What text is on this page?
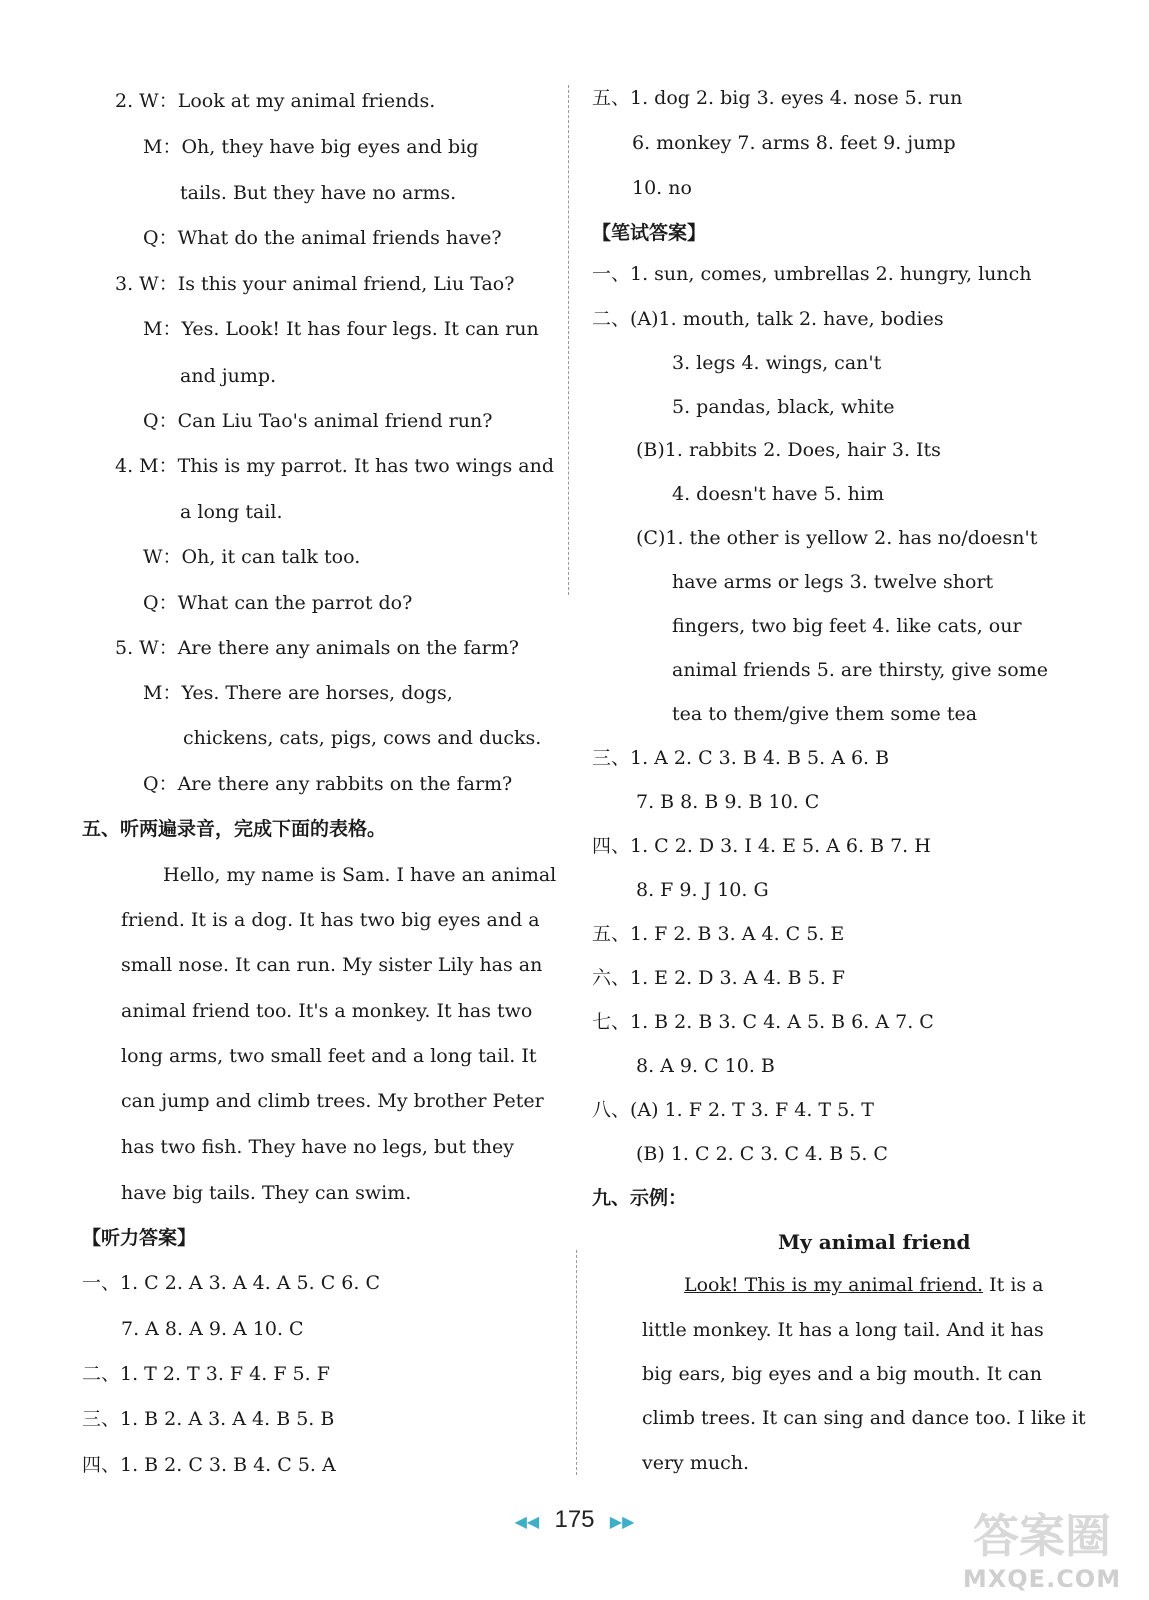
2. W：Look at my animal friends.
M：Oh, they have big eyes and big
tails. But they have no arms.
Q：What do the animal friends have?
3. W：Is this your animal friend, Liu Tao?
M：Yes. Look! It has four legs. It can run
and jump.
Q：Can Liu Tao's animal friend run?
4. M：This is my parrot. It has two wings and
a long tail.
W：Oh, it can talk too.
Q：What can the parrot do?
5. W：Are there any animals on the farm?
M：Yes. There are horses, dogs,
chickens, cats, pigs, cows and ducks.
Q：Are there any rabbits on the farm?
五、听两遍录音，完成下面的表格。
Hello, my name is Sam. I have an animal
friend. It is a dog. It has two big eyes and a
small nose. It can run. My sister Lily has an
animal friend too. It's a monkey. It has two
long arms, two small feet and a long tail. It
can jump and climb trees. My brother Peter
has two fish. They have no legs, but they
have big tails. They can swim.
【听力答案】
一、1. C 2. A 3. A 4. A 5. C 6. C
7. A 8. A 9. A 10. C
二、1. T 2. T 3. F 4. F 5. F
三、1. B 2. A 3. A 4. B 5. B
四、1. B 2. C 3. B 4. C 5. A
五、1. dog 2. big 3. eyes 4. nose 5. run
6. monkey 7. arms 8. feet 9. jump
10. no
【笔试答案】
一、1. sun, comes, umbrellas 2. hungry, lunch
二、(A)1. mouth, talk 2. have, bodies
3. legs 4. wings, can't
5. pandas, black, white
(B)1. rabbits 2. Does, hair 3. Its
4. doesn't have 5. him
(C)1. the other is yellow 2. has no/doesn't
have arms or legs 3. twelve short
fingers, two big feet 4. like cats, our
animal friends 5. are thirsty, give some
tea to them/give them some tea
三、1. A 2. C 3. B 4. B 5. A 6. B
7. B 8. B 9. B 10. C
四、1. C 2. D 3. I 4. E 5. A 6. B 7. H
8. F 9. J 10. G
五、1. F 2. B 3. A 4. C 5. E
六、1. E 2. D 3. A 4. B 5. F
七、1. B 2. B 3. C 4. A 5. B 6. A 7. C
8. A 9. C 10. B
八、(A) 1. F 2. T 3. F 4. T 5. T
(B) 1. C 2. C 3. C 4. B 5. C
九、示例：
My animal friend
Look! This is my animal friend. It is a
little monkey. It has a long tail. And it has
big ears, big eyes and a big mouth. It can
climb trees. It can sing and dance too. I like it
very much.
◀◀ 175 ▶▶	答案圈
MXQE.COM
